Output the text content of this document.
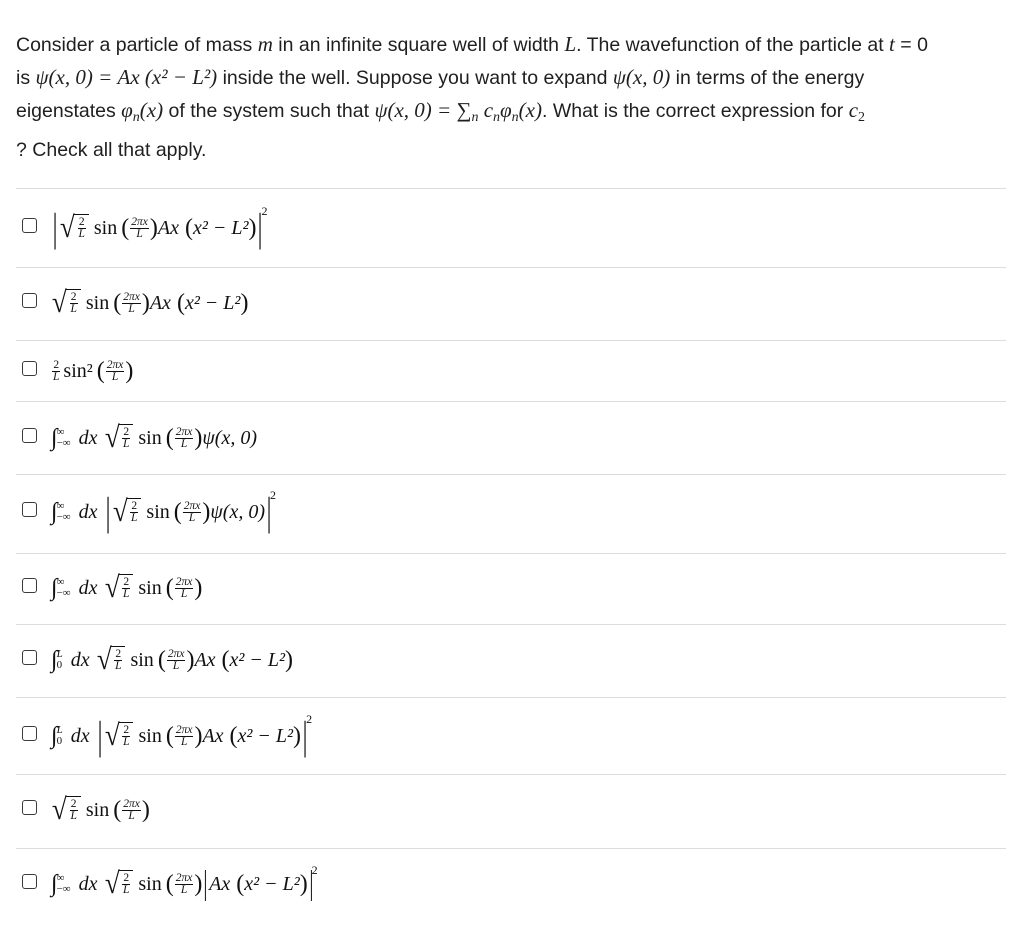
Consider a particle of mass m in an infinite square well of width L. The wavefunction of the particle at t = 0
is ψ(x, 0) = Ax (x² − L²) inside the well. Suppose you want to expand ψ(x, 0) in terms of the energy
eigenstates $\varphi_n(x)$ of the system such that ψ(x, $0) = \sum_n$ $c_n\varphi_n(x)$. What is the correct expression for $c_2$
? Check all that apply.
| √ $\frac{2}{L}$ sin ( $\frac{2\pi x}{L}$ ) Ax ( x² − L² ) |
2
√ $\frac{2}{L}$ sin ( $\frac{2\pi x}{L}$ ) Ax ( x² − L² )
$\frac{2}{L} \sin^2$ ( $\frac{2\pi x}{L}$ )
∫ ∞
−∞ dx √ $\frac{2}{L}$ sin ( $\frac{2\pi x}{L}$ ) ψ(x, 0)
∫ ∞
−∞ dx | √ $\frac{2}{L}$ sin ( $\frac{2\pi x}{L}$ ) ψ(x, 0) |
2
∫ ∞
−∞ dx √ $\frac{2}{L}$ sin ( $\frac{2\pi x}{L}$ )
∫ L
0 dx √ $\frac{2}{L}$ sin ( $\frac{2\pi x}{L}$ ) Ax ( x² − L² )
∫ L
0 dx | √ $\frac{2}{L}$ sin ( $\frac{2\pi x}{L}$ ) Ax ( x² − L² ) |
2
√ $\frac{2}{L}$ sin ( $\frac{2\pi x}{L}$ )
∫ ∞
−∞ dx √ $\frac{2}{L}$ sin ( $\frac{2\pi x}{L}$ ) | Ax ( x² − L² ) |
2
